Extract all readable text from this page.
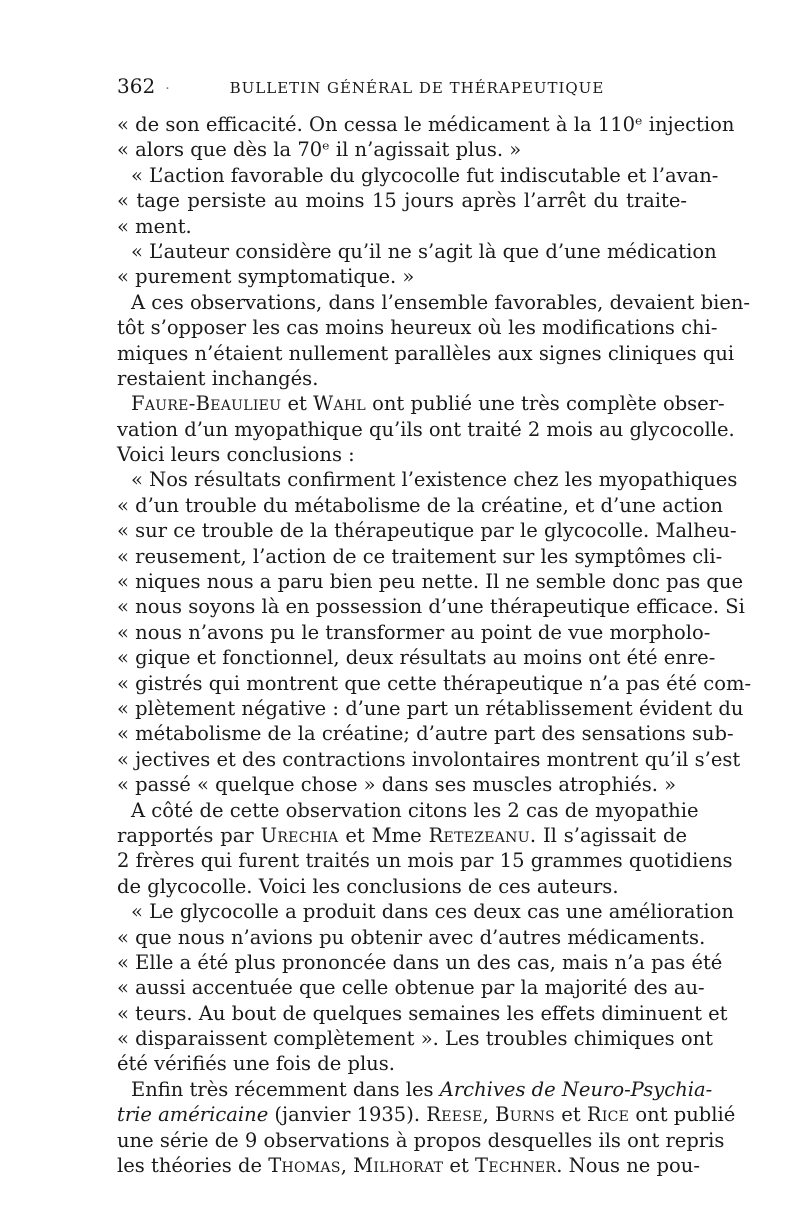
362 ·	BULLETIN GÉNÉRAL DE THÉRAPEUTIQUE
« de son efficacité. On cessa le médicament à la 110ᵉ injection
« alors que dès la 70ᵉ il n’agissait plus. »
« L’action favorable du glycocolle fut indiscutable et l’avan-
« tage persiste au moins 15 jours après l’arrêt du traite-
« ment.
« L’auteur considère qu’il ne s’agit là que d’une médication
« purement symptomatique. »
A ces observations, dans l’ensemble favorables, devaient bien-
tôt s’opposer les cas moins heureux où les modifications chi-
miques n’étaient nullement parallèles aux signes cliniques qui
restaient inchangés.
Faure-Beaulieu et Wahl ont publié une très complète obser-
vation d’un myopathique qu’ils ont traité 2 mois au glycocolle.
Voici leurs conclusions :
« Nos résultats confirment l’existence chez les myopathiques
« d’un trouble du métabolisme de la créatine, et d’une action
« sur ce trouble de la thérapeutique par le glycocolle. Malheu-
« reusement, l’action de ce traitement sur les symptômes cli-
« niques nous a paru bien peu nette. Il ne semble donc pas que
« nous soyons là en possession d’une thérapeutique efficace. Si
« nous n’avons pu le transformer au point de vue morpholo-
« gique et fonctionnel, deux résultats au moins ont été enre-
« gistrés qui montrent que cette thérapeutique n’a pas été com-
« plètement négative : d’une part un rétablissement évident du
« métabolisme de la créatine; d’autre part des sensations sub-
« jectives et des contractions involontaires montrent qu’il s’est
« passé « quelque chose » dans ses muscles atrophiés. »
A côté de cette observation citons les 2 cas de myopathie
rapportés par Urechia et Mme Retezeanu. Il s’agissait de
2 frères qui furent traités un mois par 15 grammes quotidiens
de glycocolle. Voici les conclusions de ces auteurs.
« Le glycocolle a produit dans ces deux cas une amélioration
« que nous n’avions pu obtenir avec d’autres médicaments.
« Elle a été plus prononcée dans un des cas, mais n’a pas été
« aussi accentuée que celle obtenue par la majorité des au-
« teurs. Au bout de quelques semaines les effets diminuent et
« disparaissent complètement ». Les troubles chimiques ont
été vérifiés une fois de plus.
Enfin très récemment dans les Archives de Neuro-Psychia-
trie américaine (janvier 1935). Reese, Burns et Rice ont publié
une série de 9 observations à propos desquelles ils ont repris
les théories de Thomas, Milhorat et Techner. Nous ne pou-
